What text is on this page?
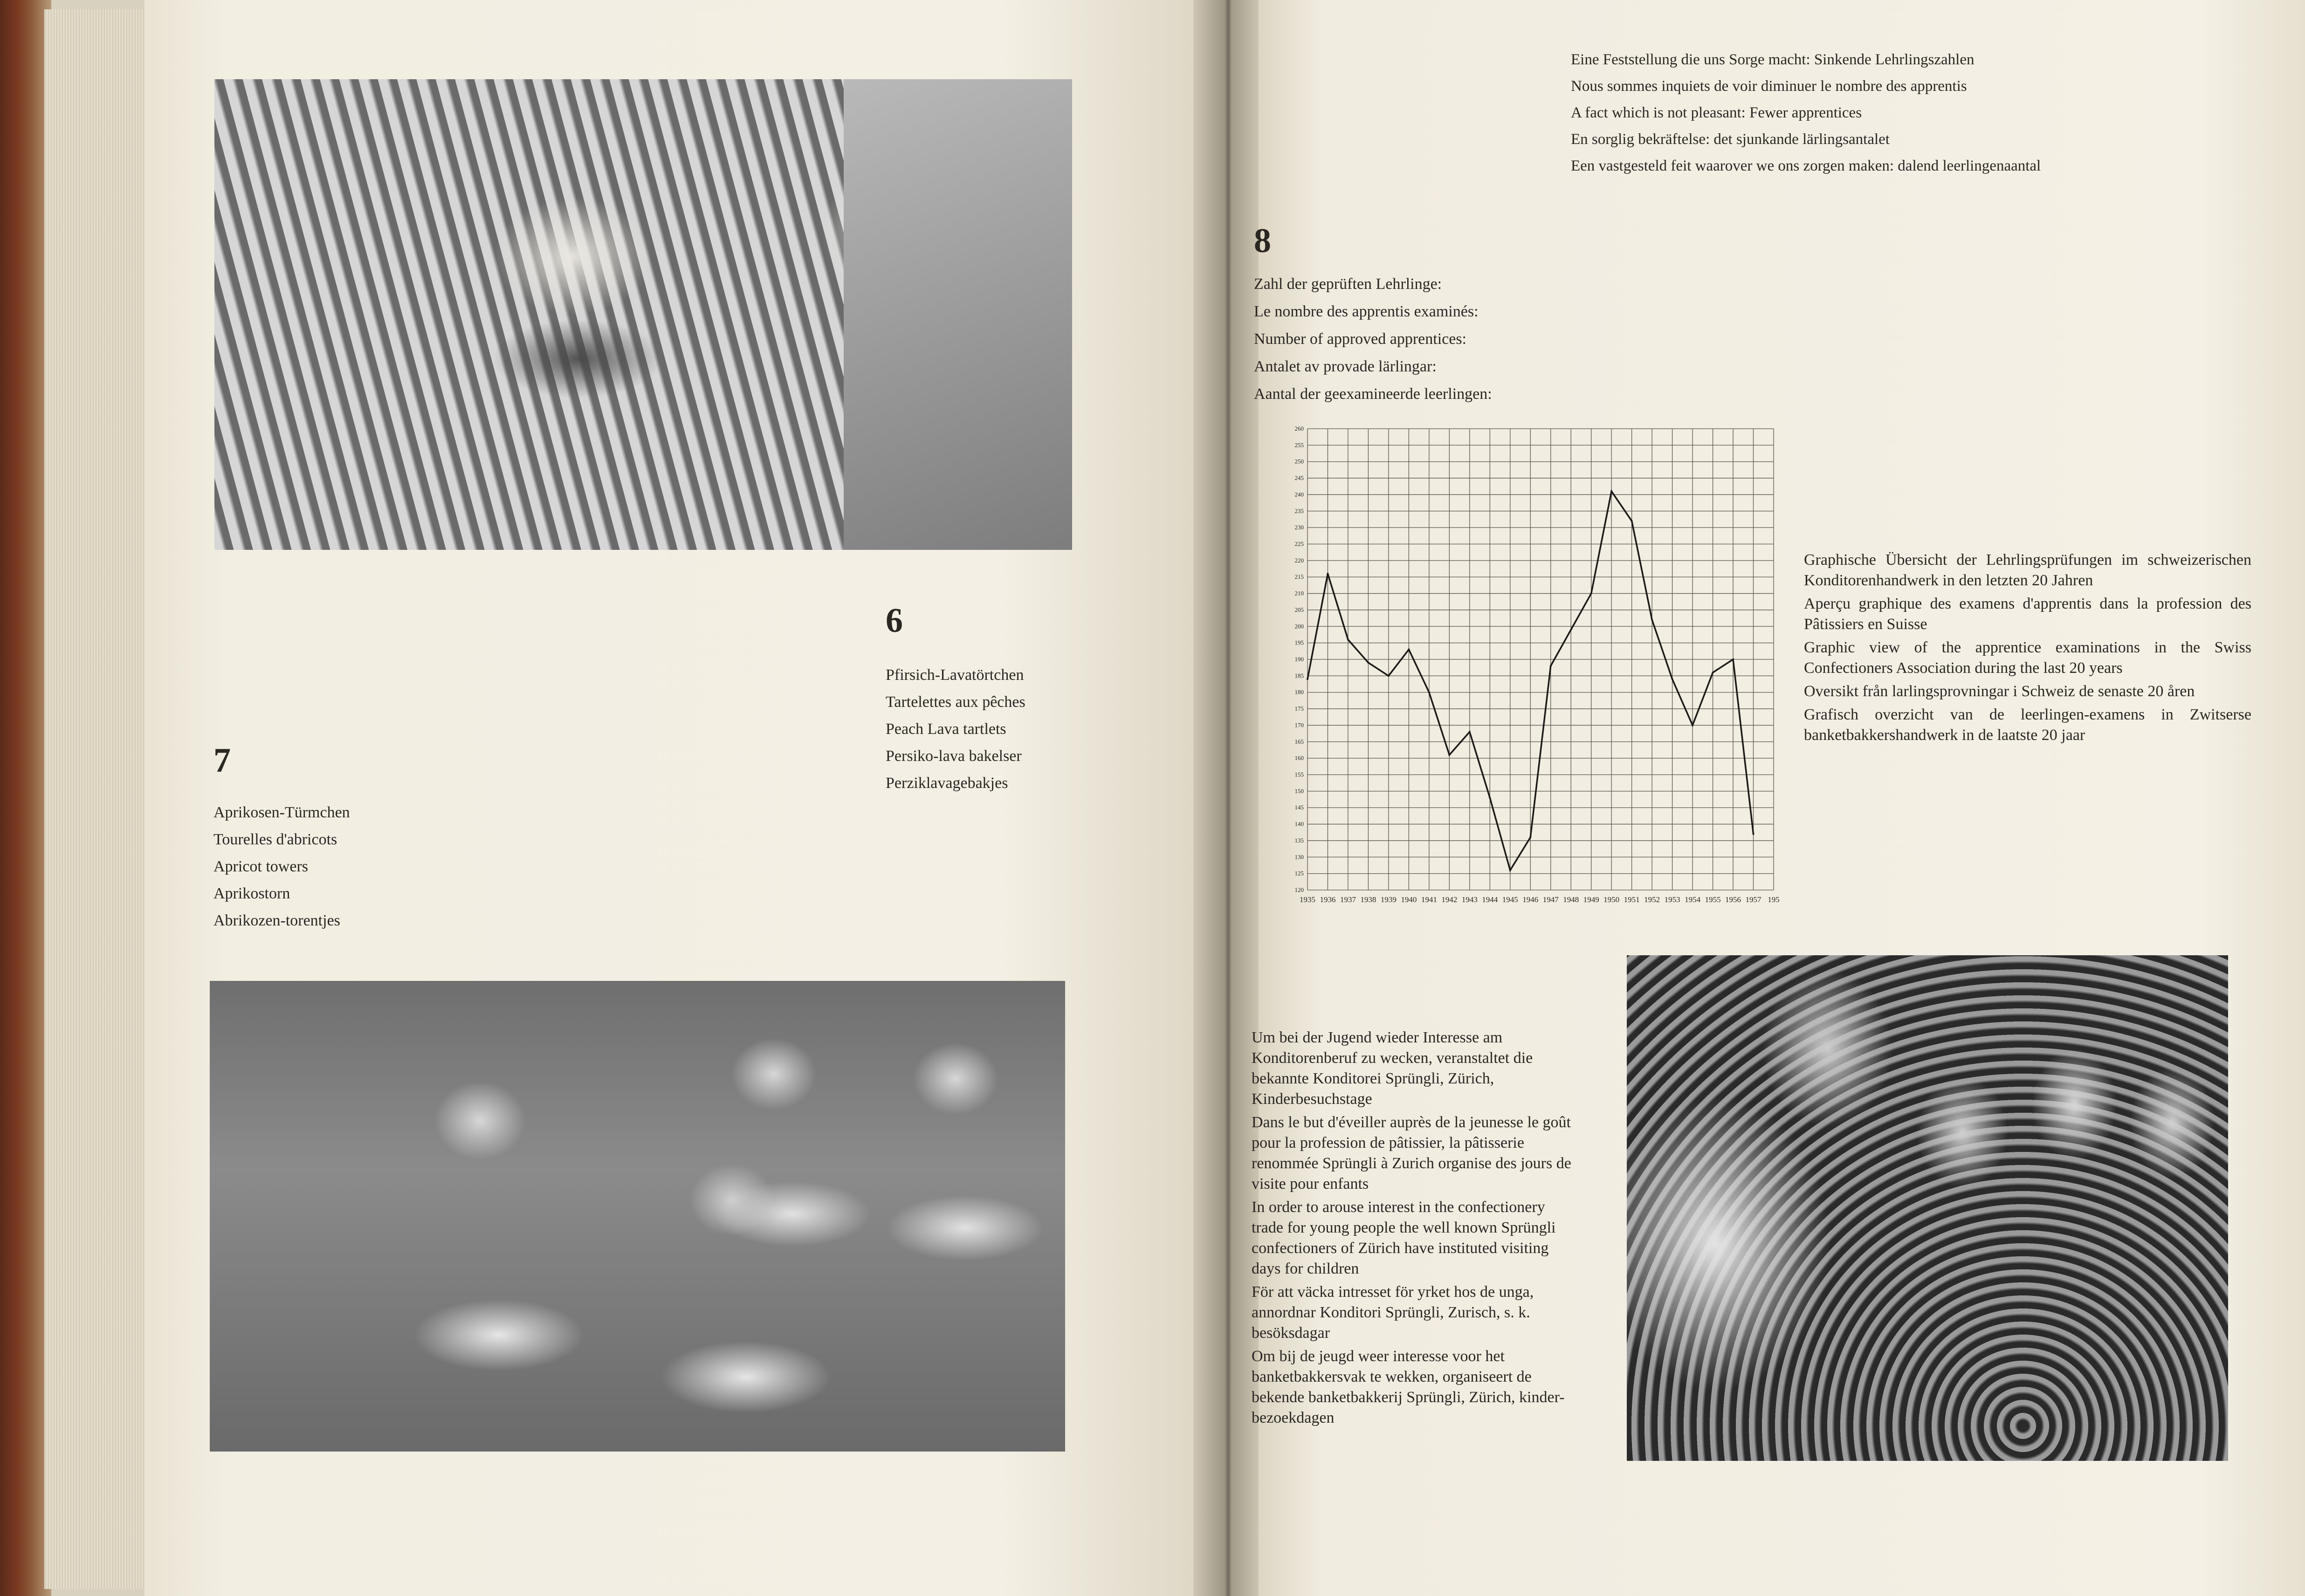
6
Pfirsich-Lavatörtchen
Tartelettes aux pêches
Peach Lava tartlets
Persiko-lava bakelser
Perziklavagebakjes
7
Aprikosen-Türmchen
Tourelles d'abricots
Apricot towers
Aprikostorn
Abrikozen-torentjes
Eine Feststellung die uns Sorge macht: Sinkende Lehrlingszahlen
Nous sommes inquiets de voir diminuer le nombre des apprentis
A fact which is not pleasant: Fewer apprentices
En sorglig bekräftelse: det sjunkande lärlingsantalet
Een vastgesteld feit waarover we ons zorgen maken: dalend leerlingenaantal
8
Zahl der geprüften Lehrlinge:
Le nombre des apprentis examinés:
Number of approved apprentices:
Antalet av provade lärlingar:
Aantal der geexamineerde leerlingen:
120
125
130
135
140
145
150
155
160
165
170
175
180
185
190
195
200
205
210
215
220
225
230
235
240
245
250
255
260
1935 1936 1937 1938 1939 1940 1941 1942 1943 1944 1945 1946 1947 1948 1949 1950 1951 1952 1953 1954 1955 1956 1957 195
Graphische Übersicht der Lehrlingsprüfungen im schweizerischen Konditorenhandwerk in den letzten 20 Jahren
Aperçu graphique des examens d'apprentis dans la profession des Pâtissiers en Suisse
Graphic view of the apprentice examinations in the Swiss Confectioners Association during the last 20 years
Oversikt från larlingsprovningar i Schweiz de senaste 20 åren
Grafisch overzicht van de leerlingen-examens in Zwitserse banketbakkershandwerk in de laatste 20 jaar
Um bei der Jugend wieder Interesse am Konditorenberuf zu wecken, veranstaltet die bekannte Konditorei Sprüngli, Zürich, Kinderbesuchstage
Dans le but d'éveiller auprès de la jeunesse le goût pour la profession de pâtissier, la pâtisserie renommée Sprüngli à Zurich organise des jours de visite pour enfants
In order to arouse interest in the confectionery trade for young people the well known Sprüngli confectioners of Zürich have instituted visiting days for children
För att väcka intresset för yrket hos de unga, annordnar Konditori Sprüngli, Zurisch, s. k. besöksdagar
Om bij de jeugd weer interesse voor het banketbakkersvak te wekken, organiseert de bekende banketbakkerij Sprüngli, Zürich, kinder-bezoekdagen
